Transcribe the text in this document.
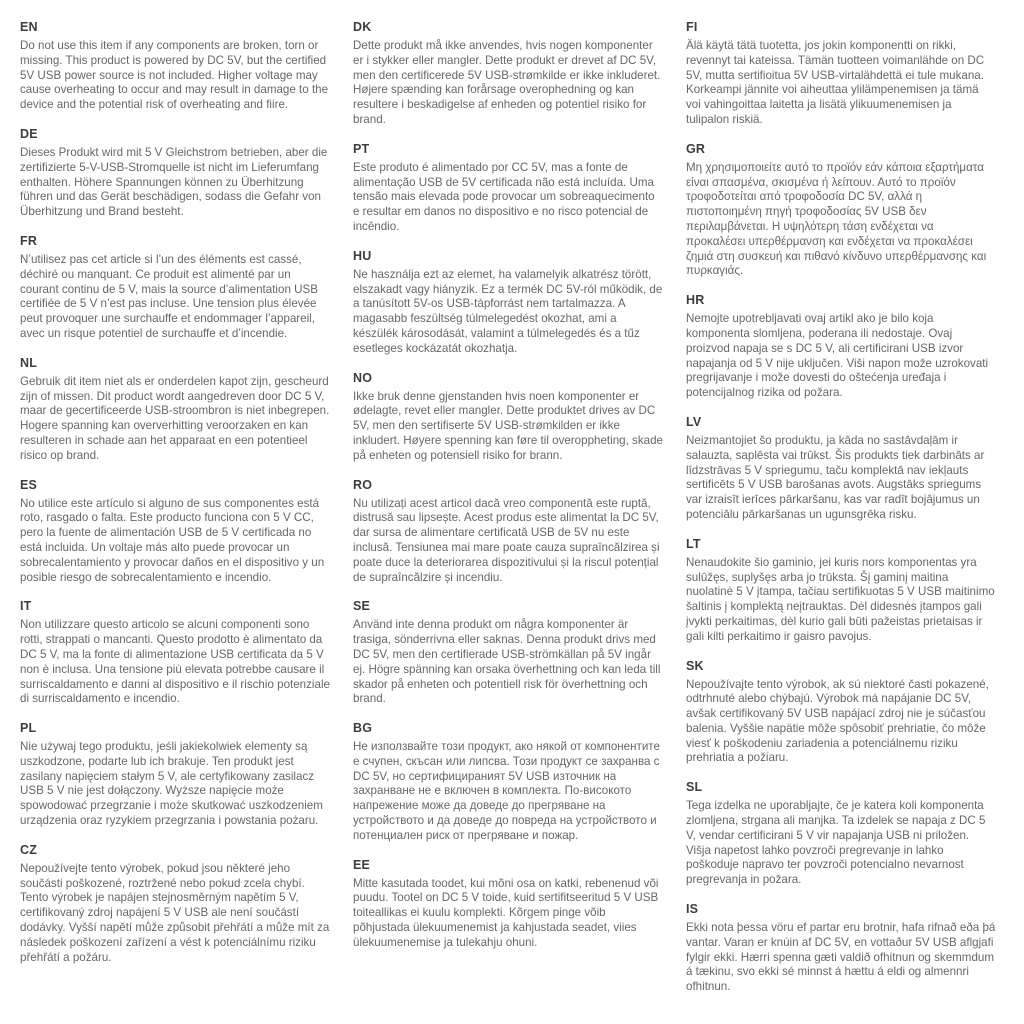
EN

Do not use this item if any components are broken, torn or missing. This product is powered by DC 5V, but the certified 5V USB power source is not included. Higher voltage may cause overheating to occur and may result in damage to the device and the potential risk of overheating and fiire.

DE

Dieses Produkt wird mit 5 V Gleichstrom betrieben, aber die zertifizierte 5-V-USB-Stromquelle ist nicht im Lieferumfang enthalten. Höhere Spannungen können zu Überhitzung führen und das Gerät beschädigen, sodass die Gefahr von Überhitzung und Brand besteht.

FR

N’utilisez pas cet article si l’un des éléments est cassé, déchiré ou manquant. Ce produit est alimenté par un courant continu de 5 V, mais la source d’alimentation USB certifiée de 5 V n’est pas incluse. Une tension plus élevée peut provoquer une surchauffe et endommager l’appareil, avec un risque potentiel de surchauffe et d’incendie.

NL

Gebruik dit item niet als er onderdelen kapot zijn, gescheurd zijn of missen. Dit product wordt aangedreven door DC 5 V, maar de gecertificeerde USB-stroombron is niet inbegrepen. Hogere spanning kan oververhitting veroorzaken en kan resulteren in schade aan het apparaat en een potentieel risico op brand.

ES

No utilice este artículo si alguno de sus componentes está roto, rasgado o falta. Este producto funciona con 5 V CC, pero la fuente de alimentación USB de 5 V certificada no está incluida. Un voltaje más alto puede provocar un sobrecalentamiento y provocar daños en el dispositivo y un posible riesgo de sobrecalentamiento e incendio.

IT

Non utilizzare questo articolo se alcuni componenti sono rotti, strappati o mancanti. Questo prodotto è alimentato da DC 5 V, ma la fonte di alimentazione USB certificata da 5 V non è inclusa. Una tensione più elevata potrebbe causare il surriscaldamento e danni al dispositivo e il rischio potenziale di surriscaldamento e incendio.

PL

Nie używaj tego produktu, jeśli jakiekolwiek elementy są uszkodzone, podarte lub ich brakuje. Ten produkt jest zasilany napięciem stałym 5 V, ale certyfikowany zasilacz USB 5 V nie jest dołączony. Wyższe napięcie może spowodować przegrzanie i może skutkować uszkodzeniem urządzenia oraz ryzykiem przegrzania i powstania pożaru.

CZ

Nepoužívejte tento výrobek, pokud jsou některé jeho součásti poškozené, roztržené nebo pokud zcela chybí. Tento výrobek je napájen stejnosměrným napětím 5 V, certifikovaný zdroj napájení 5 V USB ale není součástí dodávky. Vyšší napětí může způsobit přehřátí a může mít za následek poškození zařízení a vést k potenciálnímu riziku přehřátí a požáru.

DK

Dette produkt må ikke anvendes, hvis nogen komponenter er i stykker eller mangler. Dette produkt er drevet af DC 5V, men den certificerede 5V USB-strømkilde er ikke inkluderet. Højere spænding kan forårsage overophedning og kan resultere i beskadigelse af enheden og potentiel risiko for brand.

PT

Este produto é alimentado por CC 5V, mas a fonte de alimentação USB de 5V certificada não está incluída. Uma tensão mais elevada pode provocar um sobreaquecimento e resultar em danos no dispositivo e no risco potencial de incêndio.

HU

Ne használja ezt az elemet, ha valamelyik alkatrész törött, elszakadt vagy hiányzik. Ez a termék DC 5V-ról működik, de a tanúsított 5V-os USB-tápforrást nem tartalmazza. A magasabb feszültség túlmelegedést okozhat, ami a készülék károsodását, valamint a túlmelegedés és a tűz esetleges kockázatát okozhatja.

NO

Ikke bruk denne gjenstanden hvis noen komponenter er ødelagte, revet eller mangler. Dette produktet drives av DC 5V, men den sertifiserte 5V USB-strømkilden er ikke inkludert. Høyere spenning kan føre til overoppheting, skade på enheten og potensiell risiko for brann.

RO

Nu utilizați acest articol dacă vreo componentă este ruptă, distrusă sau lipsește. Acest produs este alimentat la DC 5V, dar sursa de alimentare certificată USB de 5V nu este inclusă. Tensiunea mai mare poate cauza supraîncălzirea și poate duce la deteriorarea dispozitivului și la riscul potențial de supraîncălzire și incendiu.

SE

Använd inte denna produkt om några komponenter är trasiga, sönderrivna eller saknas. Denna produkt drivs med DC 5V, men den certifierade USB-strömkällan på 5V ingår ej. Högre spänning kan orsaka överhettning och kan leda till skador på enheten och potentiell risk för överhettning och brand.

BG

Не използвайте този продукт, ако някой от компонентите е счупен, скъсан или липсва. Този продукт се захранва с DC 5V, но сертифицираният 5V USB източник на захранване не е включен в комплекта. По-високото напрежение може да доведе до прегряване на устройството и да доведе до повреда на устройството и потенциален риск от прегряване и пожар.

EE

Mitte kasutada toodet, kui mõni osa on katki, rebenenud või puudu. Tootel on DC 5 V toide, kuid sertifitseeritud 5 V USB toiteallikas ei kuulu komplekti. Kõrgem pinge võib põhjustada ülekuumenemist ja kahjustada seadet, viies ülekuumenemise ja tulekahju ohuni.

FI

Älä käytä tätä tuotetta, jos jokin komponentti on rikki, revennyt tai kateissa. Tämän tuotteen voimanlähde on DC 5V, mutta sertifioitua 5V USB-virtalähdettä ei tule mukana. Korkeampi jännite voi aiheuttaa ylilämpenemisen ja tämä voi vahingoittaa laitetta ja lisätä ylikuumenemisen ja tulipalon riskiä.

GR

Μη χρησιμοποιείτε αυτό το προϊόν εάν κάποια εξαρτήματα είναι σπασμένα, σκισμένα ή λείπουν. Αυτό το προϊόν τροφοδοτείται από τροφοδοσία DC 5V, αλλά η πιστοποιημένη πηγή τροφοδοσίας 5V USB δεν περιλαμβάνεται. Η υψηλότερη τάση ενδέχεται να προκαλέσει υπερθέρμανση και ενδέχεται να προκαλέσει ζημιά στη συσκευή και πιθανό κίνδυνο υπερθέρμανσης και πυρκαγιάς.

HR

Nemojte upotrebljavati ovaj artikl ako je bilo koja komponenta slomljena, poderana ili nedostaje. Ovaj proizvod napaja se s DC 5 V, ali certificirani USB izvor napajanja od 5 V nije uključen. Viši napon može uzrokovati pregrijavanje i može dovesti do oštećenja uređaja i potencijalnog rizika od požara.

LV

Neizmantojiet šo produktu, ja kāda no sastāvdaļām ir salauzta, saplēsta vai trūkst. Šis produkts tiek darbināts ar līdzstrāvas 5 V spriegumu, taču komplektā nav iekļauts sertificēts 5 V USB barošanas avots. Augstāks spriegums var izraisīt ierīces pārkaršanu, kas var radīt bojājumus un potenciālu pārkaršanas un ugunsgrēka risku.

LT

Nenaudokite šio gaminio, jei kuris nors komponentas yra sulūžęs, suplyšęs arba jo trūksta. Šį gaminį maitina nuolatinė 5 V įtampa, tačiau sertifikuotas 5 V USB maitinimo šaltinis į komplektą neįtrauktas. Dėl didesnės įtampos gali įvykti perkaitimas, dėl kurio gali būti pažeistas prietaisas ir gali kilti perkaitimo ir gaisro pavojus.

SK

Nepoužívajte tento výrobok, ak sú niektoré časti pokazené, odtrhnuté alebo chýbajú. Výrobok má napájanie DC 5V, avšak certifikovaný 5V USB napájací zdroj nie je súčasťou balenia. Vyššie napätie môže spôsobiť prehriatie, čo môže viesť k poškodeniu zariadenia a potenciálnemu riziku prehriatia a požiaru.

SL

Tega izdelka ne uporabljajte, če je katera koli komponenta zlomljena, strgana ali manjka. Ta izdelek se napaja z DC 5 V, vendar certificirani 5 V vir napajanja USB ni priložen. Višja napetost lahko povzroči pregrevanje in lahko poškoduje napravo ter povzroči potencialno nevarnost pregrevanja in požara.

IS

Ekki nota þessa vöru ef partar eru brotnir, hafa rifnað eða þá vantar. Varan er knúin af DC 5V, en vottaður 5V USB aflgjafi fylgir ekki. Hærri spenna gæti valdið ofhitnun og skemmdum á tækinu, svo ekki sé minnst á hættu á eldi og almennri ofhitnun.
